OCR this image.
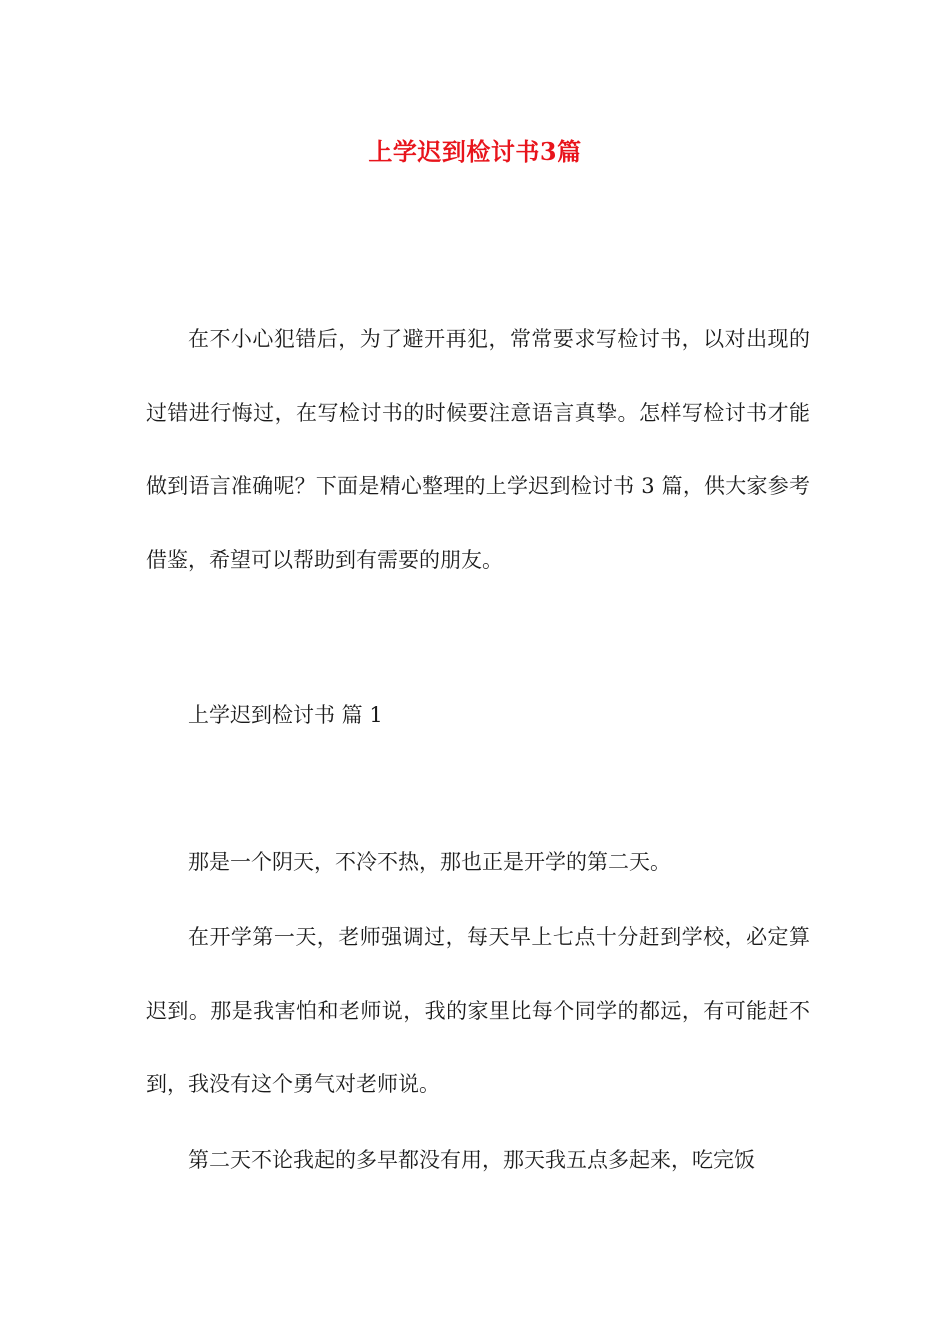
上学迟到检讨书3篇

在不小心犯错后，为了避开再犯，常常要求写检讨书，以对出现的过错进行悔过，在写检讨书的时候要注意语言真挚。怎样写检讨书才能做到语言准确呢？下面是精心整理的上学迟到检讨书 3 篇，供大家参考借鉴，希望可以帮助到有需要的朋友。

上学迟到检讨书 篇 1

那是一个阴天，不冷不热，那也正是开学的第二天。

在开学第一天，老师强调过，每天早上七点十分赶到学校，必定算迟到。那是我害怕和老师说，我的家里比每个同学的都远，有可能赶不到，我没有这个勇气对老师说。

第二天不论我起的多早都没有用，那天我五点多起来，吃完饭
